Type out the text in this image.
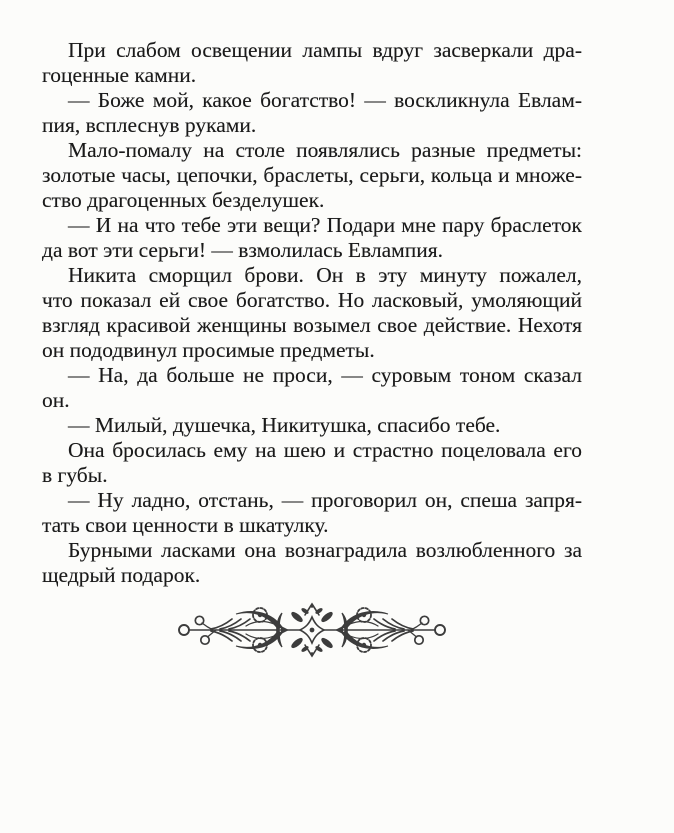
При слабом освещении лампы вдруг засверкали дра-
гоценные камни.
— Боже мой, какое богатство! — воскликнула Евлам-
пия, всплеснув руками.
Мало-помалу на столе появлялись разные предметы:
золотые часы, цепочки, браслеты, серьги, кольца и множе-
ство драгоценных безделушек.
— И на что тебе эти вещи? Подари мне пару браслеток
да вот эти серьги! — взмолилась Евлампия.
Никита сморщил брови. Он в эту минуту пожалел,
что показал ей свое богатство. Но ласковый, умоляющий
взгляд красивой женщины возымел свое действие. Нехотя
он пододвинул просимые предметы.
— На, да больше не проси, — суровым тоном сказал он.
— Милый, душечка, Никитушка, спасибо тебе.
Она бросилась ему на шею и страстно поцеловала его
в губы.
— Ну ладно, отстань, — проговорил он, спеша запря-
тать свои ценности в шкатулку.
Бурными ласками она вознаградила возлюбленного за
щедрый подарок.
